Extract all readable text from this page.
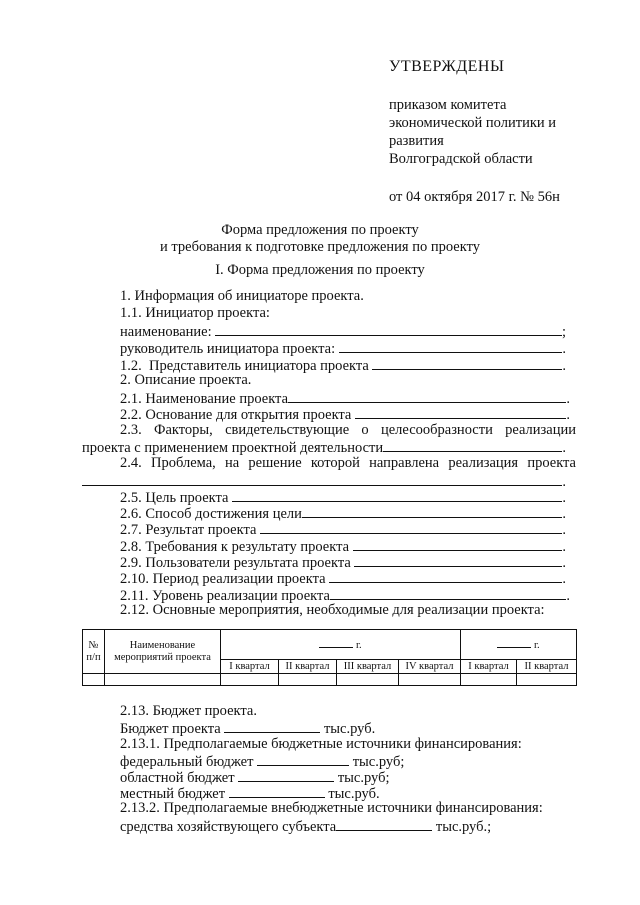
УТВЕРЖДЕНЫ
приказом комитета
экономической политики и
развития
Волгоградской области
от 04 октября 2017 г. № 56н
Форма предложения по проекту
и требования к подготовке предложения по проекту
I. Форма предложения по проекту
1. Информация об инициаторе проекта.
1.1. Инициатор проекта:
наименование:	;
руководитель инициатора проекта:	.
1.2.  Представитель инициатора проекта	.
2. Описание проекта.
2.1. Наименование проекта	.
2.2. Основание для открытия проекта	.
2.3. Факторы, свидетельствующие о целесообразности реализации
проекта с применением проектной деятельности	.
2.4. Проблема, на решение которой направлена реализация проекта
.
2.5. Цель проекта	.
2.6. Способ достижения цели	.
2.7. Результат проекта	.
2.8. Требования к результату проекта	.
2.9. Пользователи результата проекта	.
2.10. Период реализации проекта	.
2.11. Уровень реализации проекта	.
2.12. Основные мероприятия, необходимые для реализации проекта:
№ п/п	Наименование мероприятий проекта	г.				г.	
		I квартал	II квартал	III квартал	IV квартал	I квартал	II квартал

2.13. Бюджет проекта.
Бюджет проекта	тыс.руб.
2.13.1. Предполагаемые бюджетные источники финансирования:
федеральный бюджет	тыс.руб;
областной бюджет	тыс.руб;
местный бюджет	тыс.руб.
2.13.2. Предполагаемые внебюджетные источники финансирования:
средства хозяйствующего субъекта	тыс.руб.;
